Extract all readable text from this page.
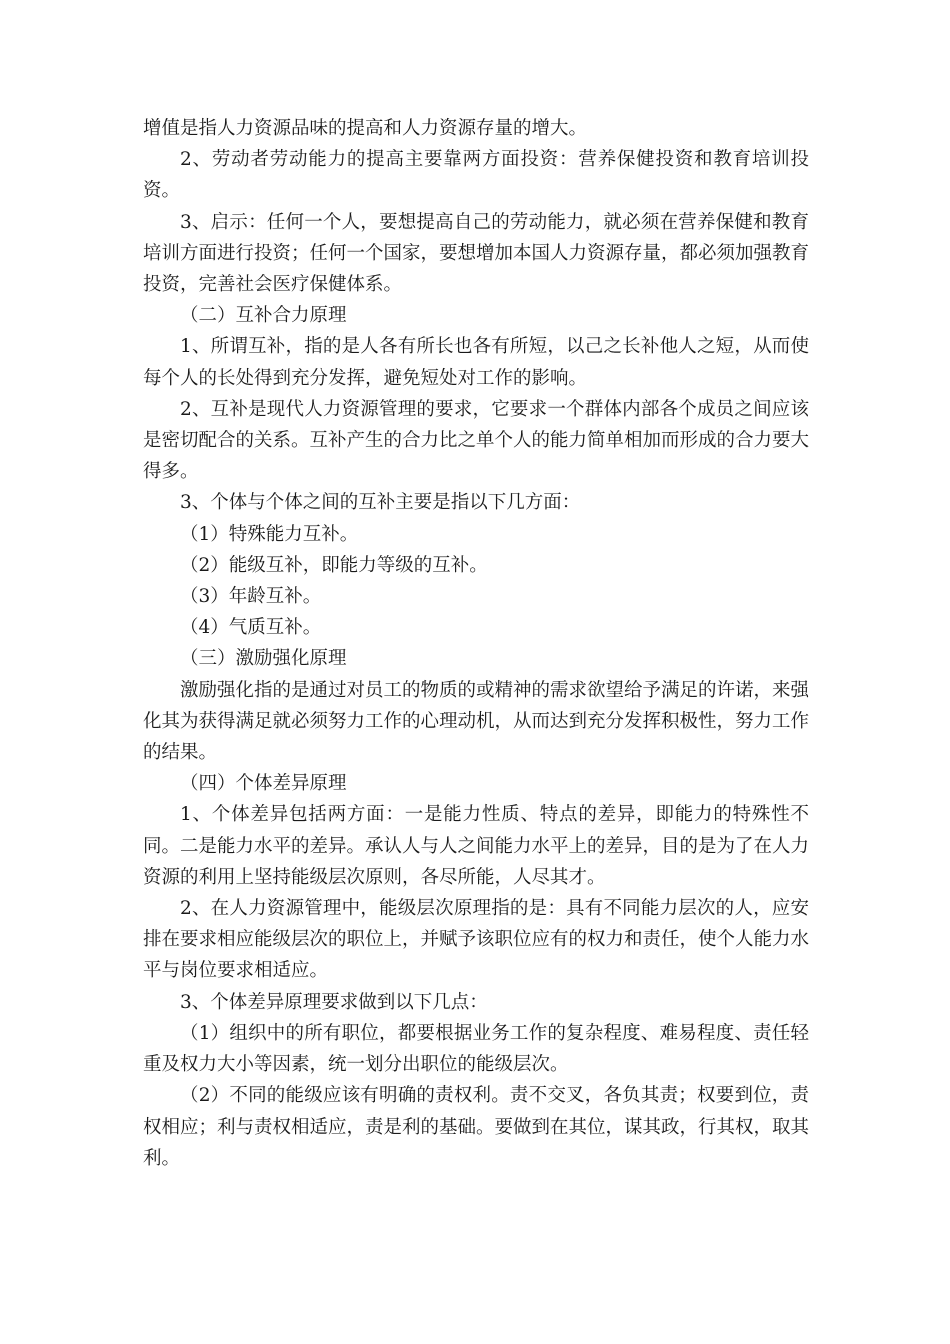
增值是指人力资源品味的提高和人力资源存量的增大。

2、劳动者劳动能力的提高主要靠两方面投资：营养保健投资和教育培训投资。

3、启示：任何一个人，要想提高自己的劳动能力，就必须在营养保健和教育培训方面进行投资；任何一个国家，要想增加本国人力资源存量，都必须加强教育投资，完善社会医疗保健体系。

（二）互补合力原理

1、所谓互补，指的是人各有所长也各有所短，以己之长补他人之短，从而使每个人的长处得到充分发挥，避免短处对工作的影响。

2、互补是现代人力资源管理的要求，它要求一个群体内部各个成员之间应该是密切配合的关系。互补产生的合力比之单个人的能力简单相加而形成的合力要大得多。

3、个体与个体之间的互补主要是指以下几方面：

（1）特殊能力互补。

（2）能级互补，即能力等级的互补。

（3）年龄互补。

（4）气质互补。

（三）激励强化原理

激励强化指的是通过对员工的物质的或精神的需求欲望给予满足的许诺，来强化其为获得满足就必须努力工作的心理动机，从而达到充分发挥积极性，努力工作的结果。

（四）个体差异原理

1、个体差异包括两方面：一是能力性质、特点的差异，即能力的特殊性不同。二是能力水平的差异。承认人与人之间能力水平上的差异，目的是为了在人力资源的利用上坚持能级层次原则，各尽所能，人尽其才。

2、在人力资源管理中，能级层次原理指的是：具有不同能力层次的人，应安排在要求相应能级层次的职位上，并赋予该职位应有的权力和责任，使个人能力水平与岗位要求相适应。

3、个体差异原理要求做到以下几点：

（1）组织中的所有职位，都要根据业务工作的复杂程度、难易程度、责任轻重及权力大小等因素，统一划分出职位的能级层次。

（2）不同的能级应该有明确的责权利。责不交叉，各负其责；权要到位，责权相应；利与责权相适应，责是利的基础。要做到在其位，谋其政，行其权，取其利。
